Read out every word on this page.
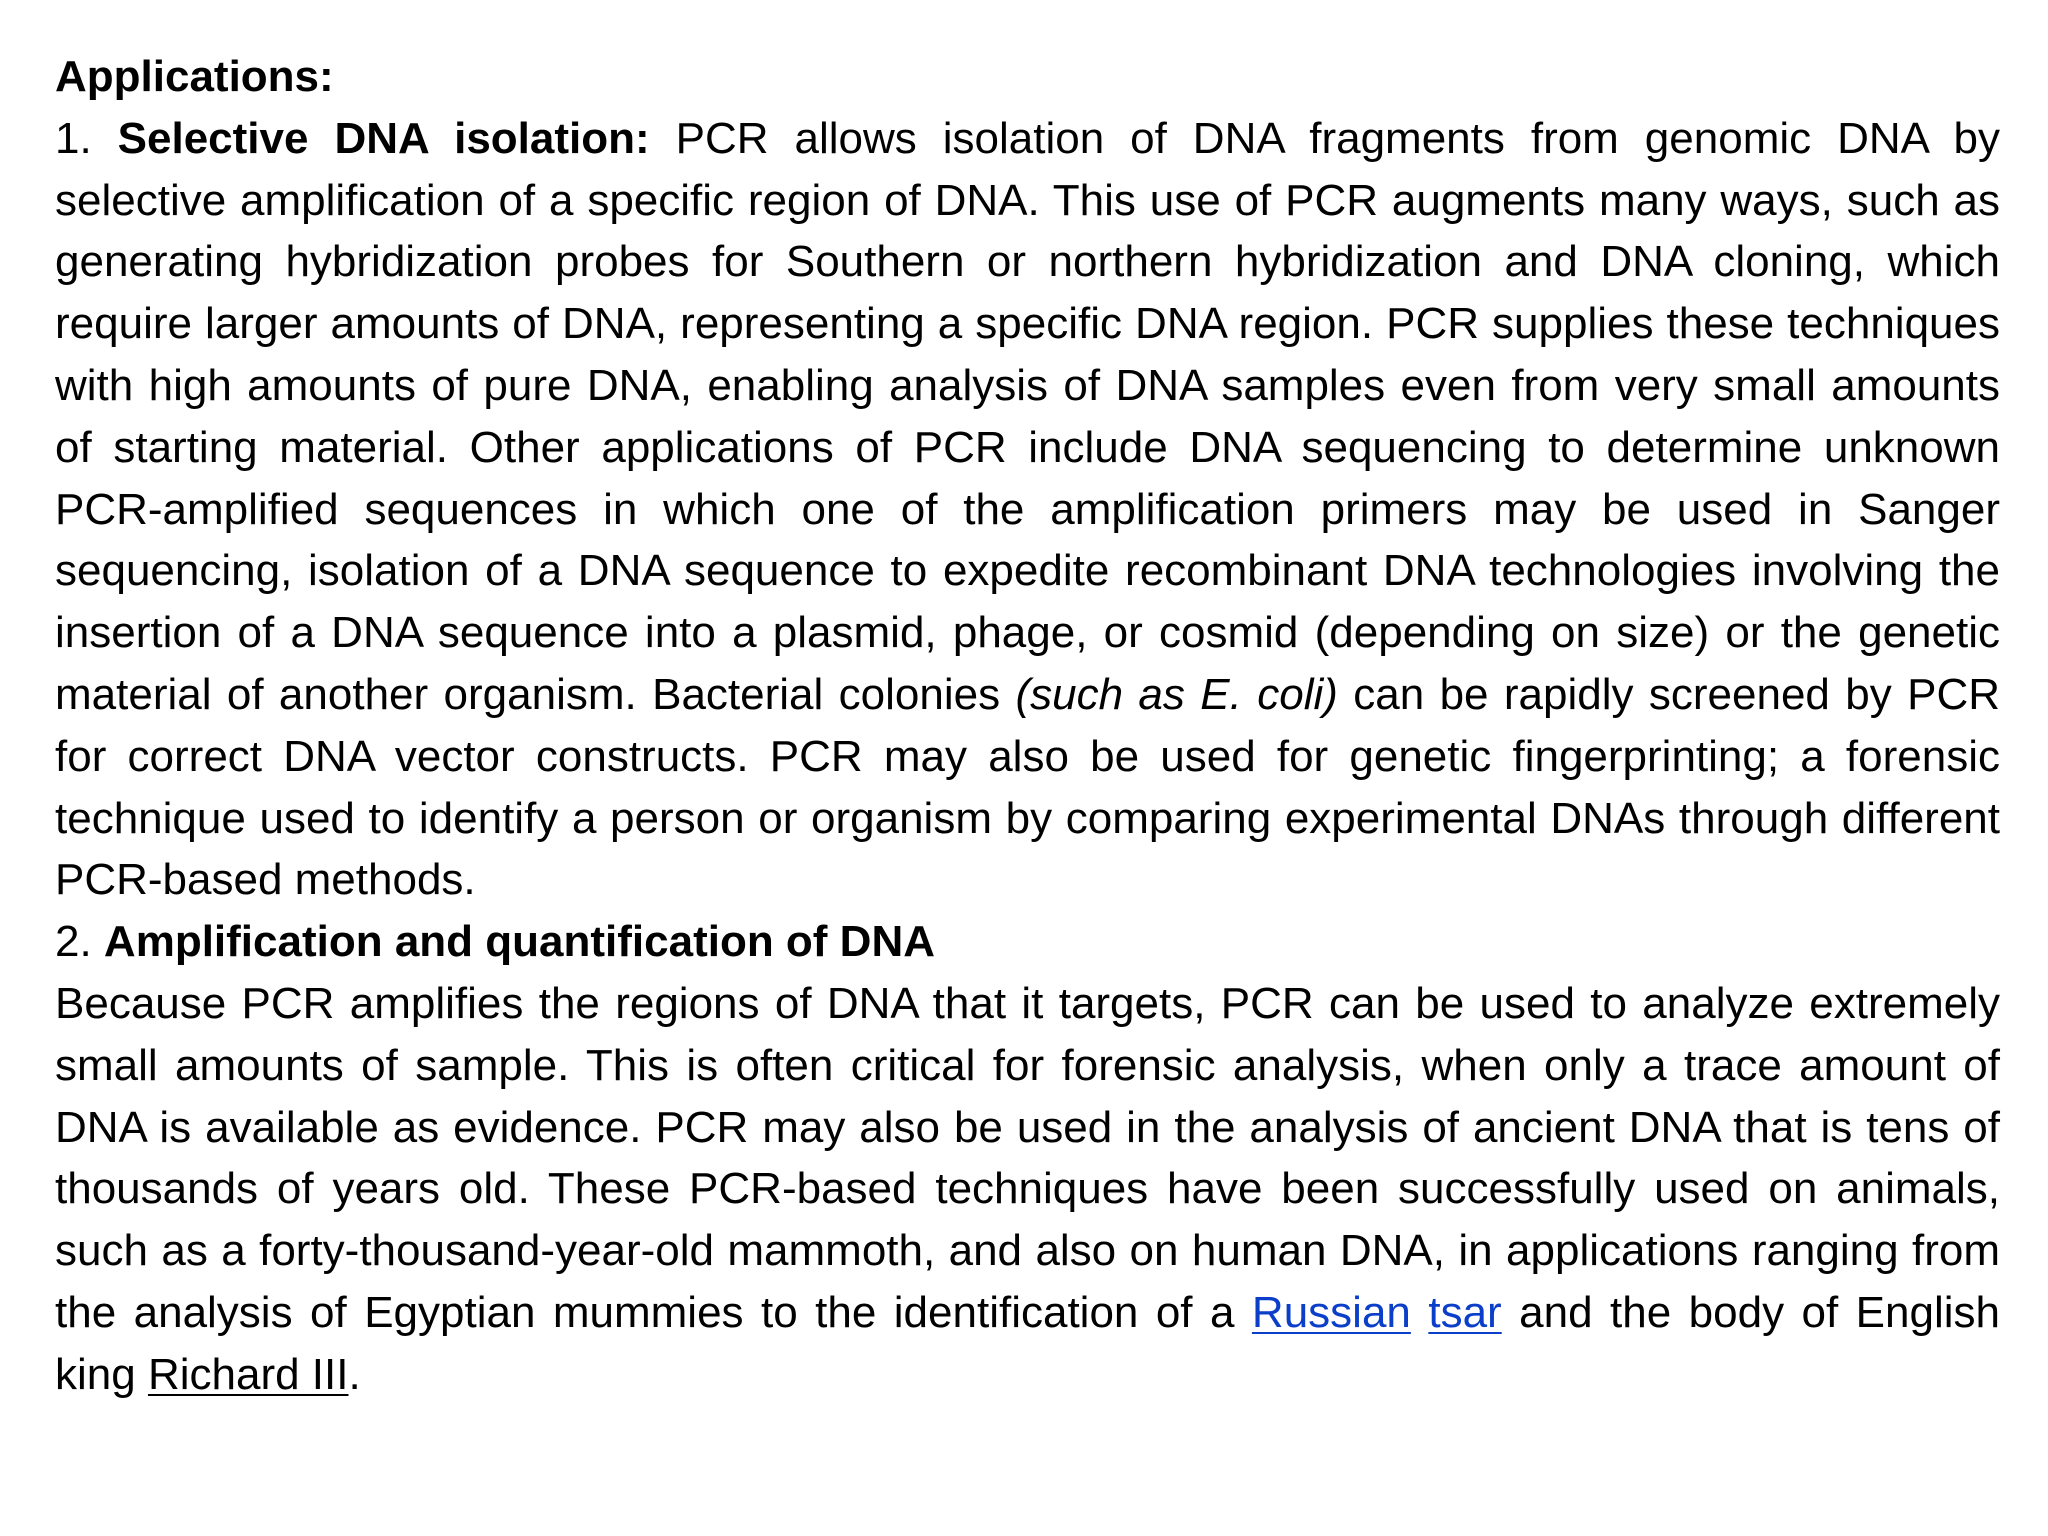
Applications:

1. Selective DNA isolation: PCR allows isolation of DNA fragments from genomic DNA by selective amplification of a specific region of DNA. This use of PCR augments many ways, such as generating hybridization probes for Southern or northern hybridization and DNA cloning, which require larger amounts of DNA, representing a specific DNA region. PCR supplies these techniques with high amounts of pure DNA, enabling analysis of DNA samples even from very small amounts of starting material. Other applications of PCR include DNA sequencing to determine unknown PCR-amplified sequences in which one of the amplification primers may be used in Sanger sequencing, isolation of a DNA sequence to expedite recombinant DNA technologies involving the insertion of a DNA sequence into a plasmid, phage, or cosmid (depending on size) or the genetic material of another organism. Bacterial colonies (such as E. coli) can be rapidly screened by PCR for correct DNA vector constructs. PCR may also be used for genetic fingerprinting; a forensic technique used to identify a person or organism by comparing experimental DNAs through different PCR-based methods.

2. Amplification and quantification of DNA

Because PCR amplifies the regions of DNA that it targets, PCR can be used to analyze extremely small amounts of sample. This is often critical for forensic analysis, when only a trace amount of DNA is available as evidence. PCR may also be used in the analysis of ancient DNA that is tens of thousands of years old. These PCR-based techniques have been successfully used on animals, such as a forty-thousand-year-old mammoth, and also on human DNA, in applications ranging from the analysis of Egyptian mummies to the identification of a Russian tsar and the body of English king Richard III.
